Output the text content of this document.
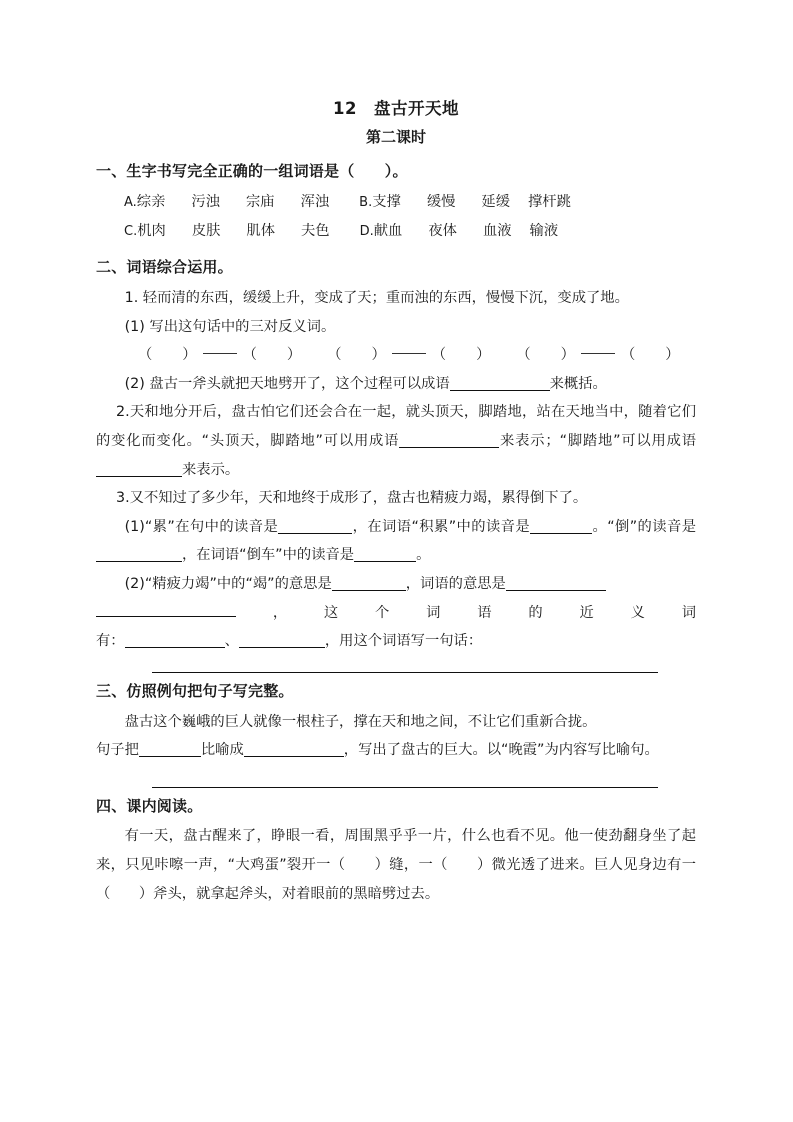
12　盘古开天地
第二课时
一、生字书写完全正确的一组词语是（　　）。
A.综亲 污浊 宗庙 浑浊 B.支撑 缓慢 延缓 撑杆跳
C.机肉 皮肤 肌体 夫色 D.献血 夜体 血液 输液
二、词语综合运用。
1. 轻而清的东西，缓缓上升，变成了天；重而浊的东西，慢慢下沉，变成了地。
(1) 写出这句话中的三对反义词。
（ ）	（ ） （ ）	（ ） （ ）	（ ）
(2) 盘古一斧头就把天地劈开了，这个过程可以成语	来概括。
2.天和地分开后，盘古怕它们还会合在一起，就头顶天，脚踏地，站在天地当中，随着它们的变化而变化。“头顶天，脚踏地”可以用成语	来表示；“脚踏地”可以用成语来表示。
3.又不知过了多少年，天和地终于成形了，盘古也精疲力竭，累得倒下了。
(1)“累”在句中的读音是	，在词语“积累”中的读音是	。“倒”的读音是，在词语“倒车”中的读音是	。
(2)“精疲力竭”中的“竭”的意思是	，词语的意思是
，	这	个	词	语	的	近	义	词
有：	、	，用这个词语写一句话：
三、仿照例句把句子写完整。
盘古这个巍峨的巨人就像一根柱子，撑在天和地之间，不让它们重新合拢。
句子把	比喻成	，写出了盘古的巨大。以“晚霞”为内容写比喻句。
四、课内阅读。
有一天，盘古醒来了，睁眼一看，周围黑乎乎一片，什么也看不见。他一使劲翻身坐了起来，只见咔嚓一声，“大鸡蛋”裂开一（　　）缝，一（　　）微光透了进来。巨人见身边有一（　　）斧头，就拿起斧头，对着眼前的黑暗劈过去。
